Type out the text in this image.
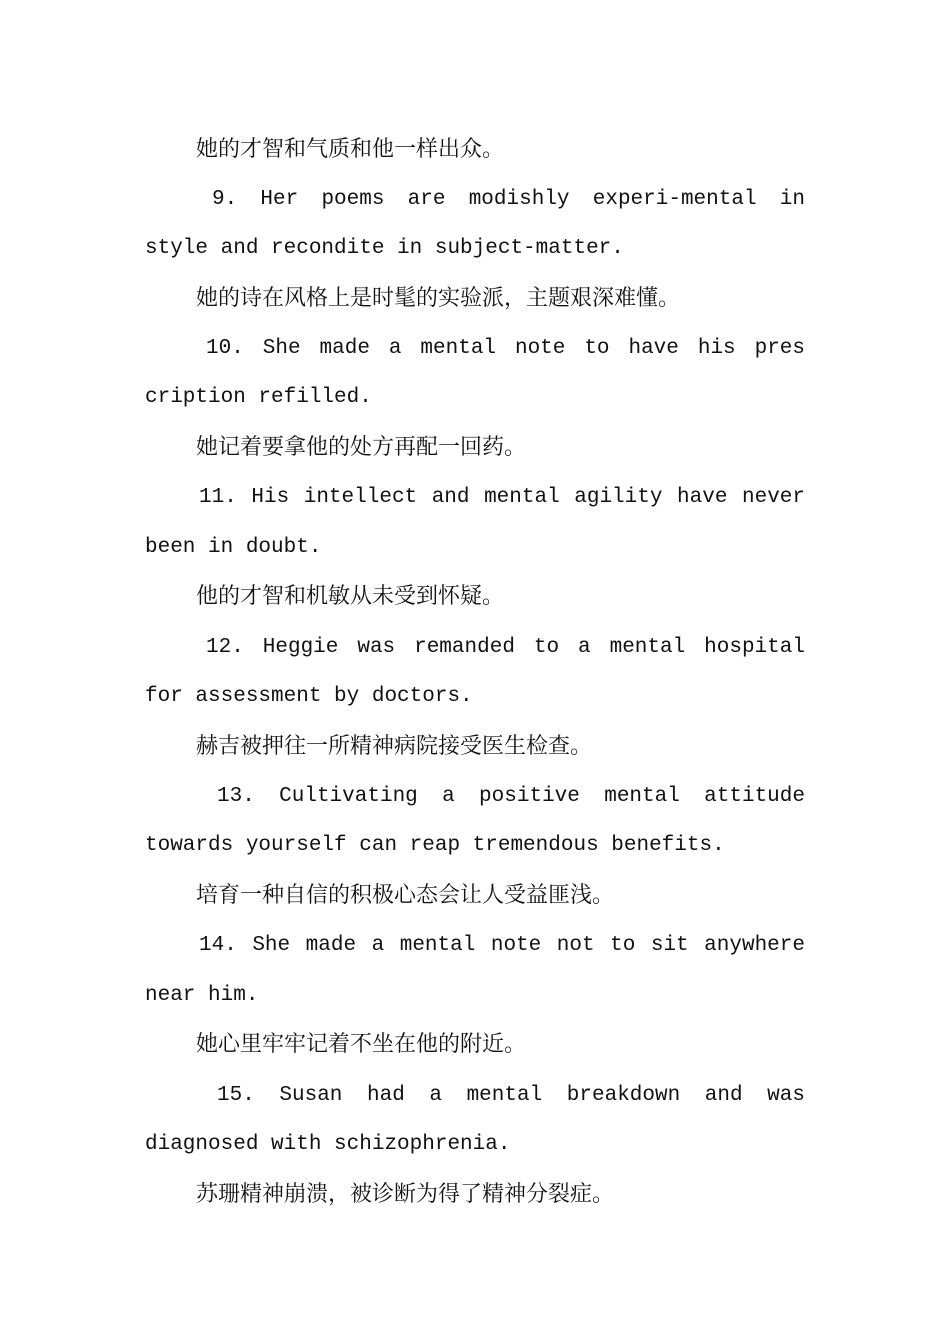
她的才智和气质和他一样出众。
9. Her poems are modishly experi-mental in
style and recondite in subject-matter.
她的诗在风格上是时髦的实验派，主题艰深难懂。
10. She made a mental note to have his pres
cription refilled.
她记着要拿他的处方再配一回药。
11. His intellect and mental agility have never
been in doubt.
他的才智和机敏从未受到怀疑。
12. Heggie was remanded to a mental hospital
for assessment by doctors.
赫吉被押往一所精神病院接受医生检查。
13. Cultivating a positive mental attitude
towards yourself can reap tremendous benefits.
培育一种自信的积极心态会让人受益匪浅。
14. She made a mental note not to sit anywhere
near him.
她心里牢牢记着不坐在他的附近。
15. Susan had a mental breakdown and was
diagnosed with schizophrenia.
苏珊精神崩溃，被诊断为得了精神分裂症。
